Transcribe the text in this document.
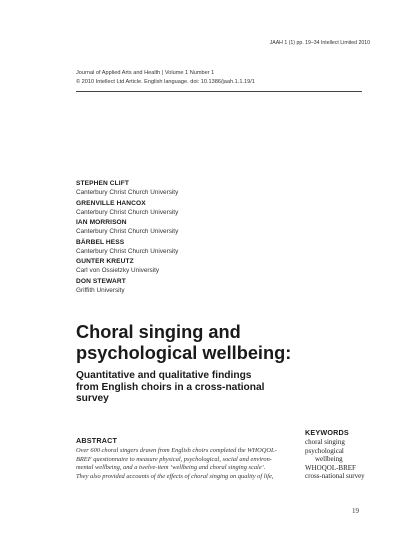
JAAH 1 (1) pp. 19–34 Intellect Limited 2010
Journal of Applied Arts and Health | Volume 1 Number 1
© 2010 Intellect Ltd Article. English language. doi: 10.1386/jaah.1.1.19/1
STEPHEN CLIFT
Canterbury Christ Church University
GRENVILLE HANCOX
Canterbury Christ Church University
IAN MORRISON
Canterbury Christ Church University
BÄRBEL HESS
Canterbury Christ Church University
GUNTER KREUTZ
Carl von Ossietzky University
DON STEWART
Griffith University
Choral singing and
psychological wellbeing:
Quantitative and qualitative findings
from English choirs in a cross-national
survey
ABSTRACT
Over 600 choral singers drawn from English choirs completed the WHOQOL-
BREF questionnaire to measure physical, psychological, social and environ-
mental wellbeing, and a twelve-item ‘wellbeing and choral singing scale’.
They also provided accounts of the effects of choral singing on quality of life,
KEYWORDS
choral singing
psychological
wellbeing
WHOQOL-BREF
cross-national survey
19
